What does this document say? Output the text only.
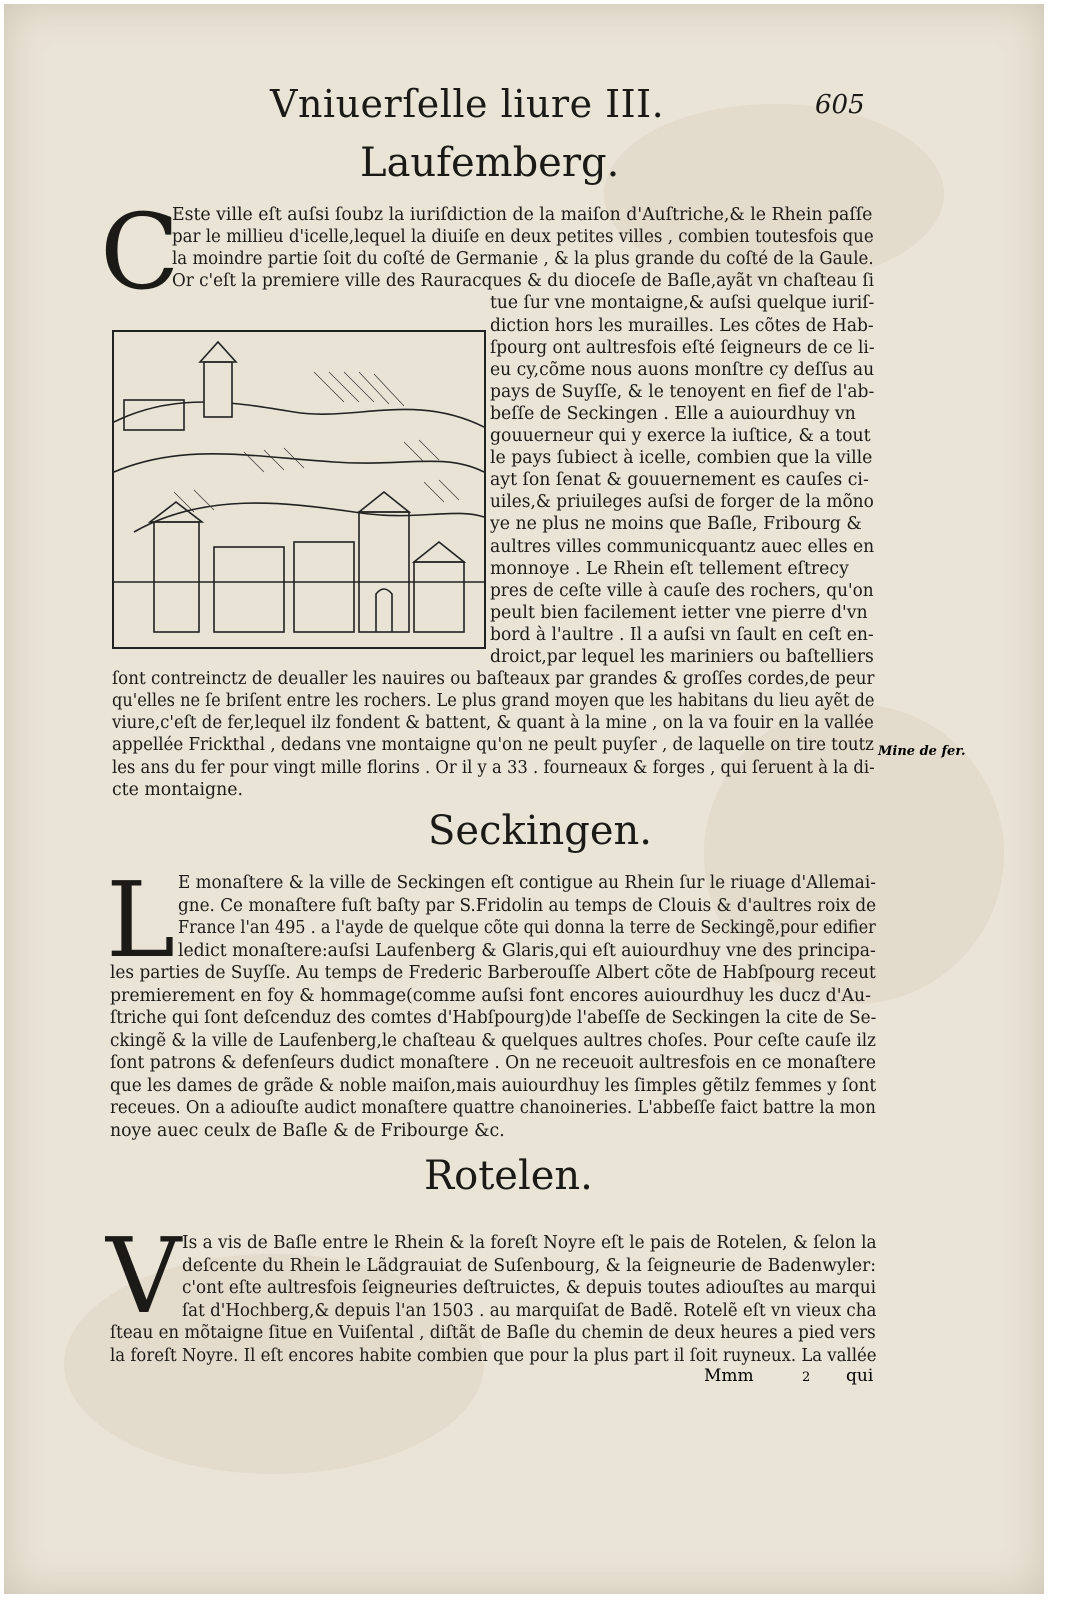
Vniuerſelle liure III.	605
Laufemberg.
C
Este ville eſt auſsi ſoubz la iuriſdiction de la maiſon d'Auſtriche,& le Rhein paſſe
par le millieu d'icelle,lequel la diuiſe en deux petites villes , combien toutesfois que
la moindre partie ſoit du coſté de Germanie , & la plus grande du coſté de la Gaule.
Or c'eſt la premiere ville des Rauracques & du dioceſe de Baſle,ayãt vn chaſteau ſi
tue ſur vne montaigne,& auſsi quelque iuriſ-
diction hors les murailles. Les cõtes de Hab-
ſpourg ont aultresfois eſté ſeigneurs de ce li-
eu cy,cõme nous auons monſtre cy deſſus au
pays de Suyſſe, & le tenoyent en fief de l'ab-
beſſe de Seckingen . Elle a auiourdhuy vn
gouuerneur qui y exerce la iuſtice, & a tout
le pays ſubiect à icelle, combien que la ville
ayt ſon ſenat & gouuernement es cauſes ci-
uiles,& priuileges auſsi de forger de la mõno
ye ne plus ne moins que Baſle, Fribourg &
aultres villes communicquantz auec elles en
monnoye . Le Rhein eſt tellement eſtrecy
pres de ceſte ville à cauſe des rochers, qu'on
peult bien facilement ietter vne pierre d'vn
bord à l'aultre . Il a auſsi vn ſault en ceſt en-
droict,par lequel les mariniers ou baſtelliers
ſont contreinctz de deualler les nauires ou baſteaux par grandes & groſſes cordes,de peur
qu'elles ne ſe briſent entre les rochers. Le plus grand moyen que les habitans du lieu ayẽt de
viure,c'eſt de fer,lequel ilz fondent & battent, & quant à la mine , on la va fouir en la vallée
appellée Frickthal , dedans vne montaigne qu'on ne peult puyſer , de laquelle on tire toutz
les ans du fer pour vingt mille florins . Or il y a 33 . fourneaux & forges , qui ſeruent à la di-
cte montaigne.
Seckingen.
L E monaſtere & la ville de Seckingen eſt contigue au Rhein ſur le riuage d'Allemai-
gne. Ce monaſtere fuſt baſty par S.Fridolin au temps de Clouis & d'aultres roix de
France l'an 495 . a l'ayde de quelque cõte qui donna la terre de Seckingẽ,pour edifier
ledict monaſtere:auſsi Laufenberg & Glaris,qui eſt auiourdhuy vne des principa-
les parties de Suyſſe. Au temps de Frederic Barberouſſe Albert cõte de Habſpourg receut
premierement en foy & hommage(comme auſsi font encores auiourdhuy les ducz d'Au-
ſtriche qui ſont deſcenduz des comtes d'Habſpourg)de l'abeſſe de Seckingen la cite de Se-
ckingẽ & la ville de Laufenberg,le chaſteau & quelques aultres choſes. Pour ceſte cauſe ilz
ſont patrons & defenſeurs dudict monaſtere . On ne receuoit aultresfois en ce monaſtere
que les dames de grãde & noble maiſon,mais auiourdhuy les ſimples gẽtilz femmes y ſont
receues. On a adiouſte audict monaſtere quattre chanoineries. L'abbeſſe faict battre la mon
noye auec ceulx de Baſle & de Fribourge &c.
Rotelen.
V Is a vis de Baſle entre le Rhein & la foreſt Noyre eſt le pais de Rotelen, & ſelon la
deſcente du Rhein le Lãdgrauiat de Suſenbourg, & la ſeigneurie de Badenwyler:
c'ont eſte aultresfois ſeigneuries deſtruictes, & depuis toutes adiouſtes au marqui
ſat d'Hochberg,& depuis l'an 1503 . au marquiſat de Badẽ. Rotelẽ eſt vn vieux cha
ſteau en mõtaigne ſitue en Vuiſental , diſtãt de Baſle du chemin de deux heures a pied vers
la foreſt Noyre. Il eſt encores habite combien que pour la plus part il ſoit ruyneux. La vallée
Mine de fer.
Mmm	2 qui
